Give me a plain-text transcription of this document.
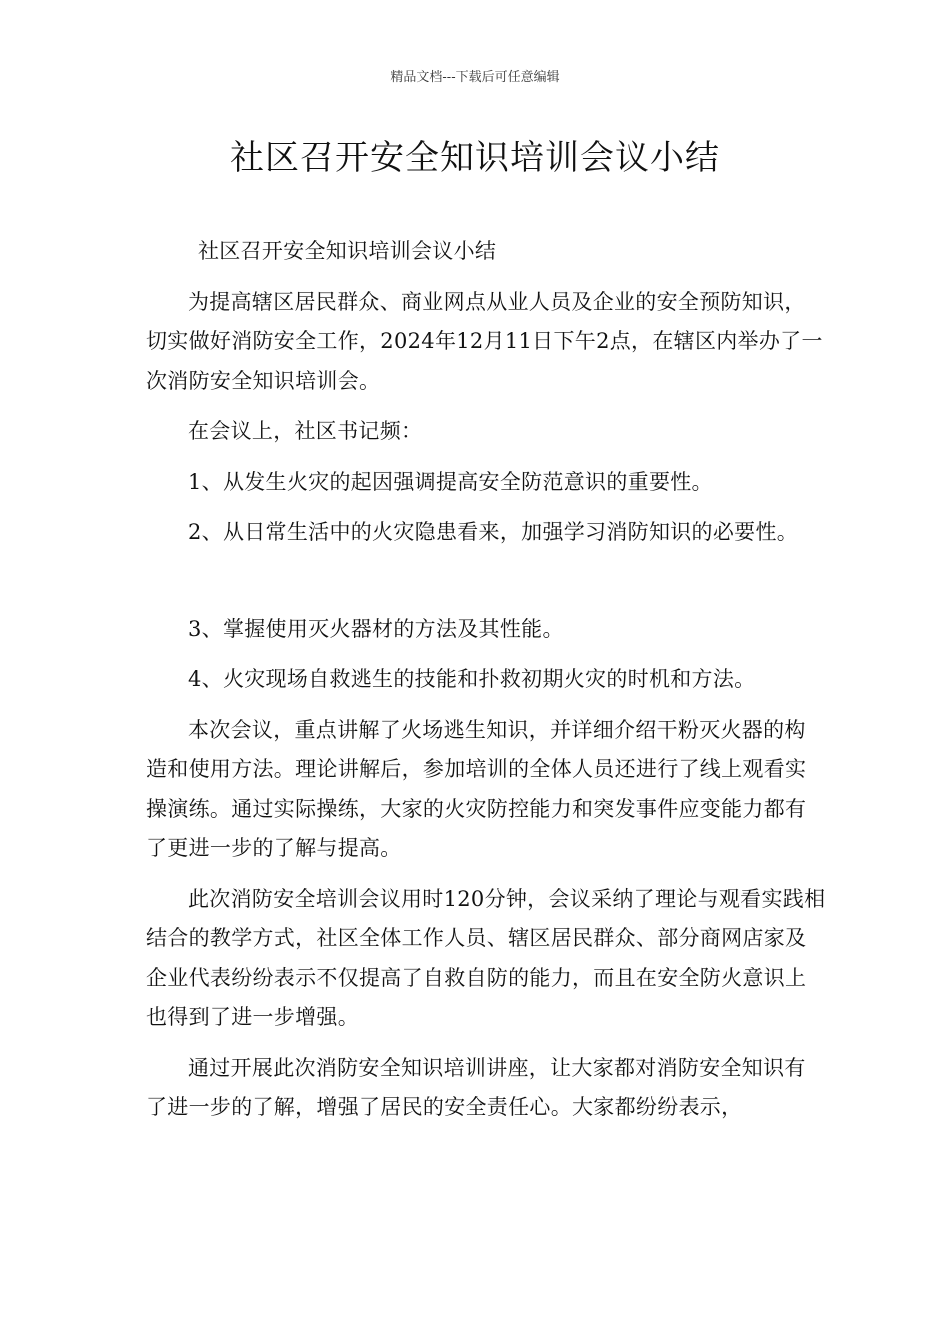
精品文档---下载后可任意编辑
社区召开安全知识培训会议小结

社区召开安全知识培训会议小结

为提高辖区居民群众、商业网点从业人员及企业的安全预防知识，切实做好消防安全工作，2024年12月11日下午2点，在辖区内举办了一次消防安全知识培训会。

在会议上，社区书记频：

1、从发生火灾的起因强调提高安全防范意识的重要性。

2、从日常生活中的火灾隐患看来，加强学习消防知识的必要性。

3、掌握使用灭火器材的方法及其性能。

4、火灾现场自救逃生的技能和扑救初期火灾的时机和方法。

本次会议，重点讲解了火场逃生知识，并详细介绍干粉灭火器的构造和使用方法。理论讲解后，参加培训的全体人员还进行了线上观看实操演练。通过实际操练，大家的火灾防控能力和突发事件应变能力都有了更进一步的了解与提高。

此次消防安全培训会议用时120分钟，会议采纳了理论与观看实践相结合的教学方式，社区全体工作人员、辖区居民群众、部分商网店家及企业代表纷纷表示不仅提高了自救自防的能力，而且在安全防火意识上也得到了进一步增强。

通过开展此次消防安全知识培训讲座，让大家都对消防安全知识有了进一步的了解，增强了居民的安全责任心。大家都纷纷表示，
